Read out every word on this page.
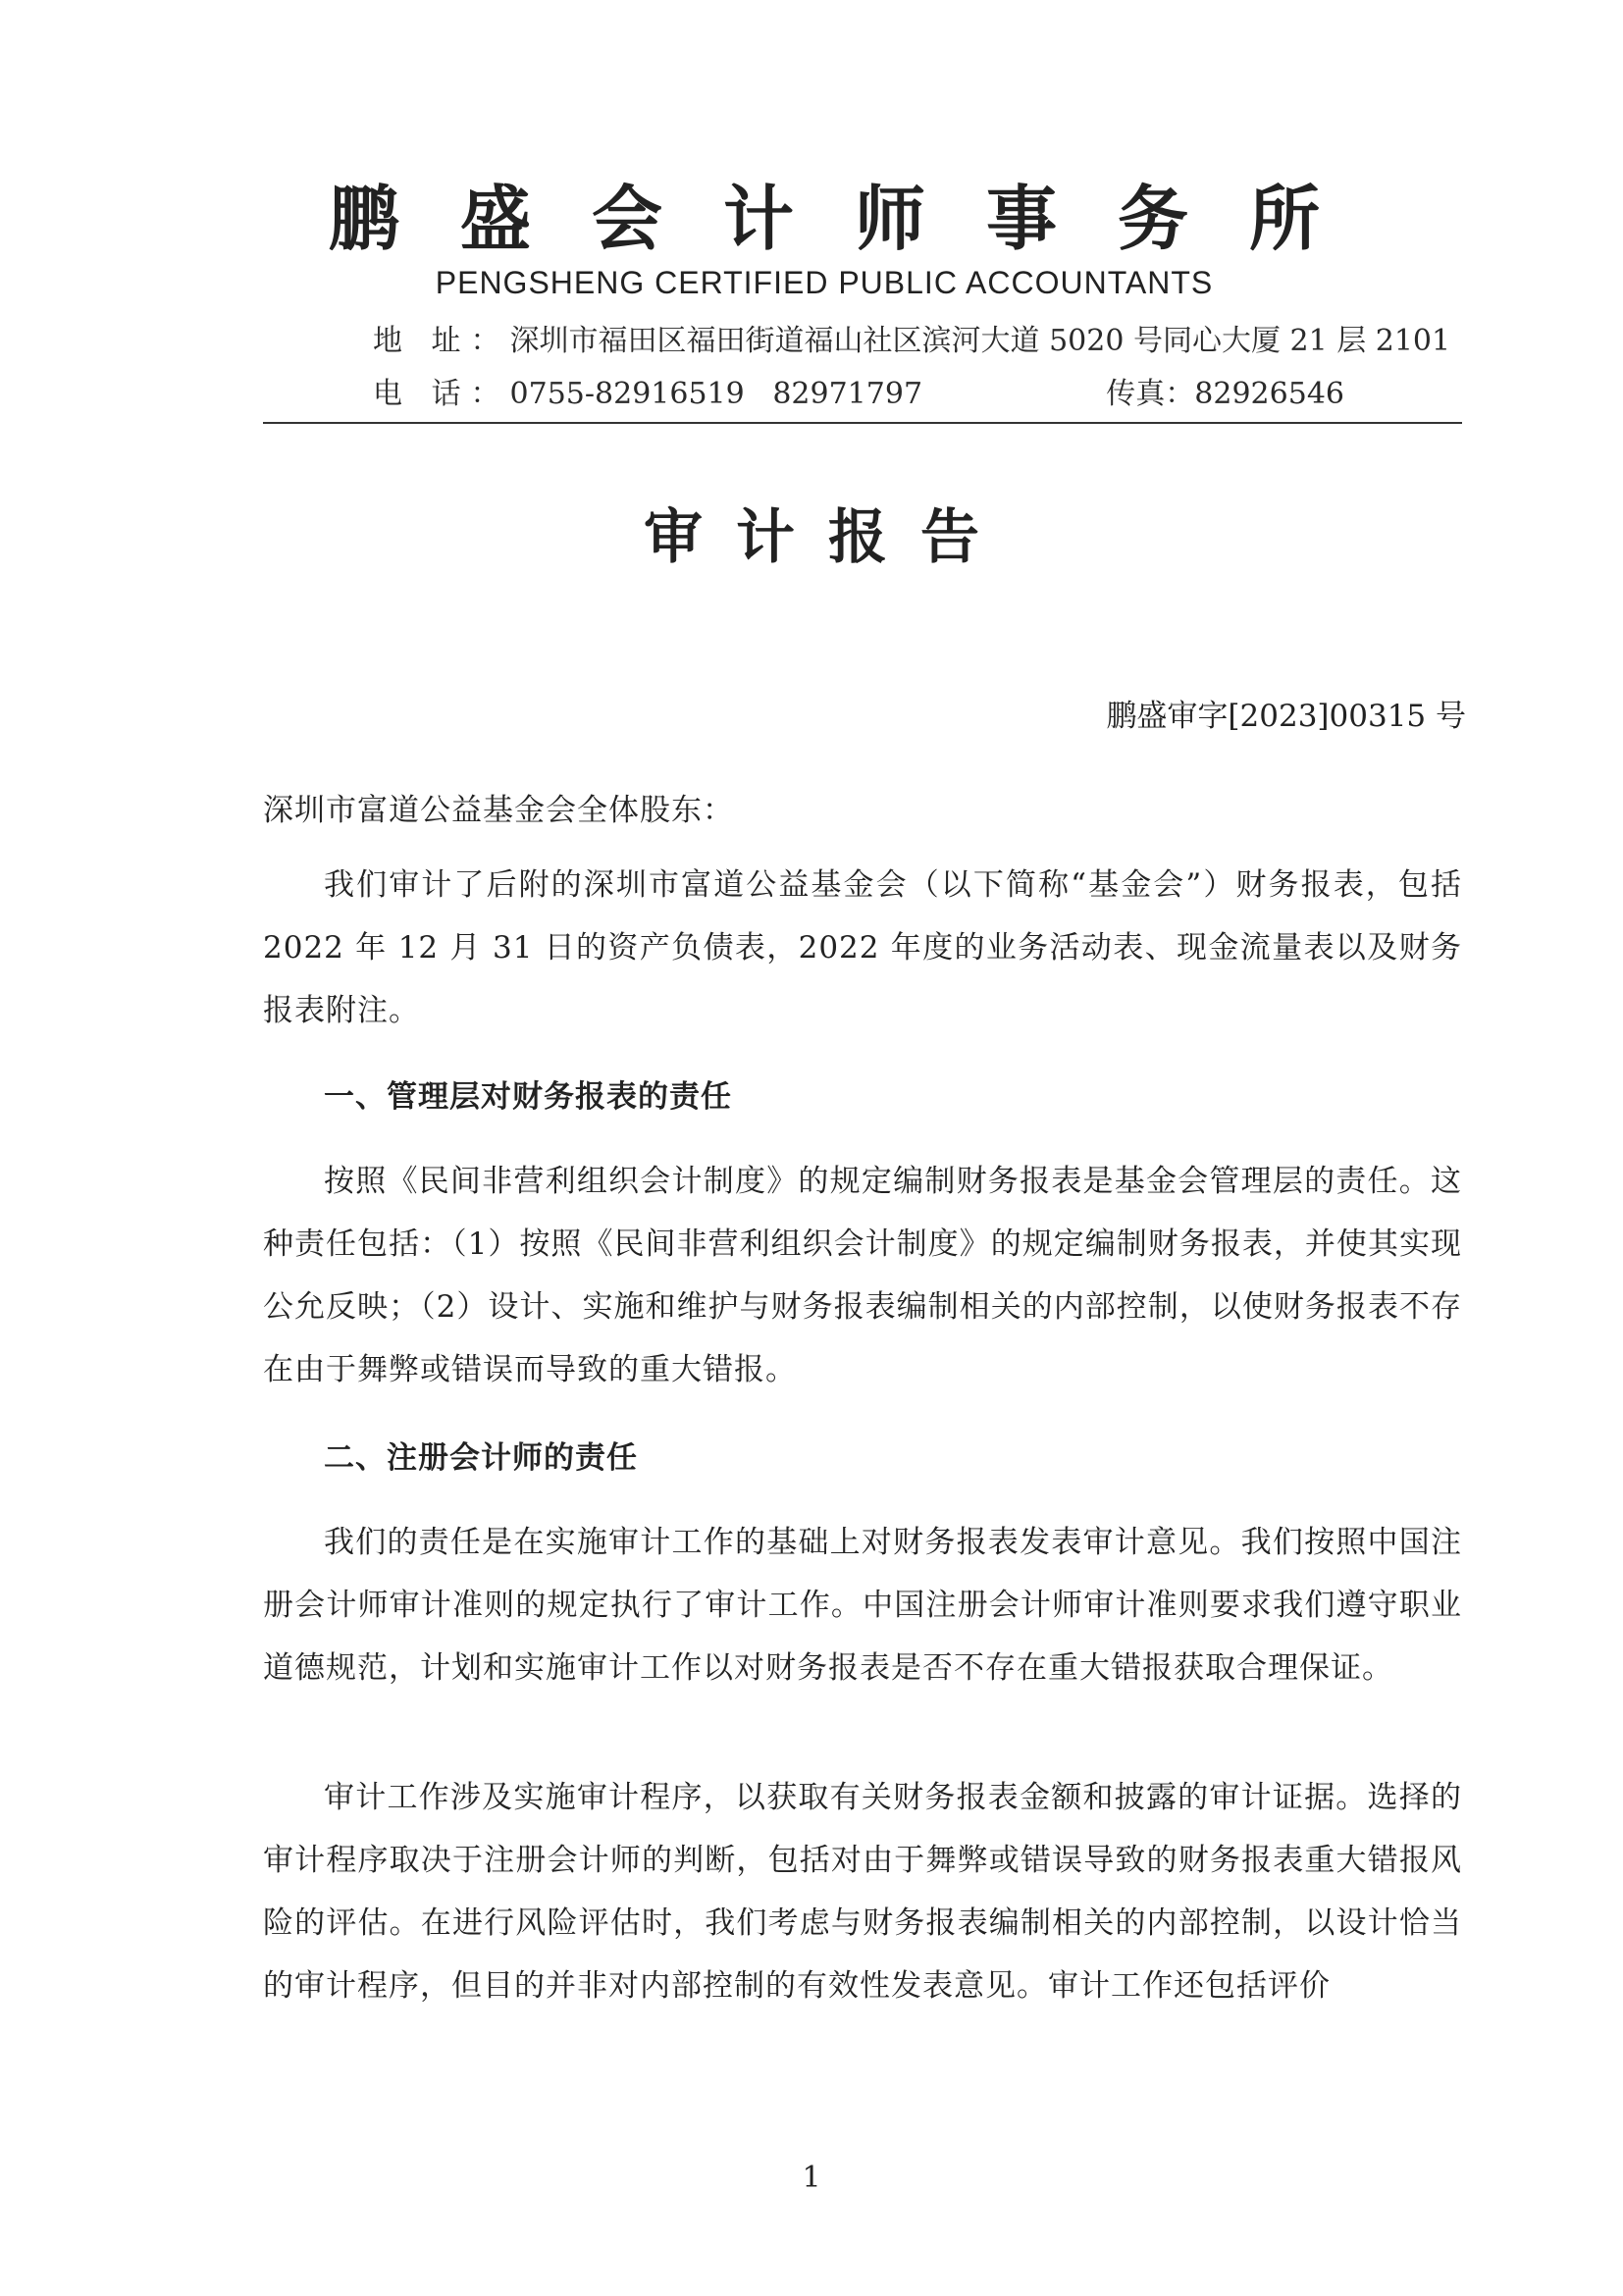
鹏盛会计师事务所
PENGSHENG CERTIFIED PUBLIC ACCOUNTANTS
地 址：深圳市福田区福田街道福山社区滨河大道 5020 号同心大厦 21 层 2101
电 话：0755-82916519   82971797	传真：82926546
审计报告
鹏盛审字[2023]00315 号
深圳市富道公益基金会全体股东：
我们审计了后附的深圳市富道公益基金会（以下简称“基金会”）财务报表，包括 2022 年 12 月 31 日的资产负债表，2022 年度的业务活动表、现金流量表以及财务报表附注。
一、管理层对财务报表的责任
按照《民间非营利组织会计制度》的规定编制财务报表是基金会管理层的责任。这种责任包括：（1）按照《民间非营利组织会计制度》的规定编制财务报表，并使其实现公允反映；（2）设计、实施和维护与财务报表编制相关的内部控制，以使财务报表不存在由于舞弊或错误而导致的重大错报。
二、注册会计师的责任
我们的责任是在实施审计工作的基础上对财务报表发表审计意见。我们按照中国注册会计师审计准则的规定执行了审计工作。中国注册会计师审计准则要求我们遵守职业道德规范，计划和实施审计工作以对财务报表是否不存在重大错报获取合理保证。
审计工作涉及实施审计程序，以获取有关财务报表金额和披露的审计证据。选择的审计程序取决于注册会计师的判断，包括对由于舞弊或错误导致的财务报表重大错报风险的评估。在进行风险评估时，我们考虑与财务报表编制相关的内部控制，以设计恰当的审计程序，但目的并非对内部控制的有效性发表意见。审计工作还包括评价
1
